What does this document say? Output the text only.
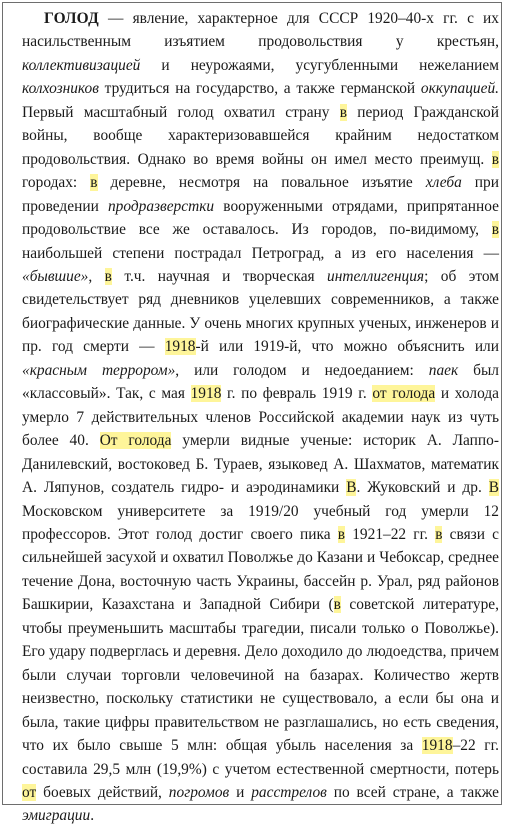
ГОЛОД — явление, характерное для СССР 1920–40-х гг. с их насильственным изъятием продовольствия у крестьян, коллективизацией и неурожаями, усугубленными нежеланием колхозников трудиться на государство, а также германской оккупацией. Первый масштабный голод охватил страну в период Гражданской войны, вообще характеризовавшейся крайним недостатком продовольствия. Однако во время войны он имел место преимущ. в городах: в деревне, несмотря на повальное изъятие хлеба при проведении продразверстки вооруженными отрядами, припрятанное продовольствие все же оставалось. Из городов, по-видимому, в наибольшей степени пострадал Петроград, а из его населения — «бывшие», в т.ч. научная и творческая интеллигенция; об этом свидетельствует ряд дневников уцелевших современников, а также биографические данные. У очень многих крупных ученых, инженеров и пр. год смерти — 1918-й или 1919-й, что можно объяснить или «красным террором», или голодом и недоеданием: паек был «классовый». Так, с мая 1918 г. по февраль 1919 г. от голода и холода умерло 7 действительных членов Российской академии наук из чуть более 40. От голода умерли видные ученые: историк А. Лаппо-Данилевский, востоковед Б. Тураев, языковед А. Шахматов, математик А. Ляпунов, создатель гидро- и аэродинамики В. Жуковский и др. В Московском университете за 1919/20 учебный год умерли 12 профессоров. Этот голод достиг своего пика в 1921–22 гг. в связи с сильнейшей засухой и охватил Поволжье до Казани и Чебоксар, среднее течение Дона, восточную часть Украины, бассейн р. Урал, ряд районов Башкирии, Казахстана и Западной Сибири (в советской литературе, чтобы преуменьшить масштабы трагедии, писали только о Поволжье). Его удару подверглась и деревня. Дело доходило до людоедства, причем были случаи торговли человечиной на базарах. Количество жертв неизвестно, поскольку статистики не существовало, а если бы она и была, такие цифры правительством не разглашались, но есть сведения, что их было свыше 5 млн: общая убыль населения за 1918–22 гг. составила 29,5 млн (19,9%) с учетом естественной смертности, потерь от боевых действий, погромов и расстрелов по всей стране, а также эмиграции.
